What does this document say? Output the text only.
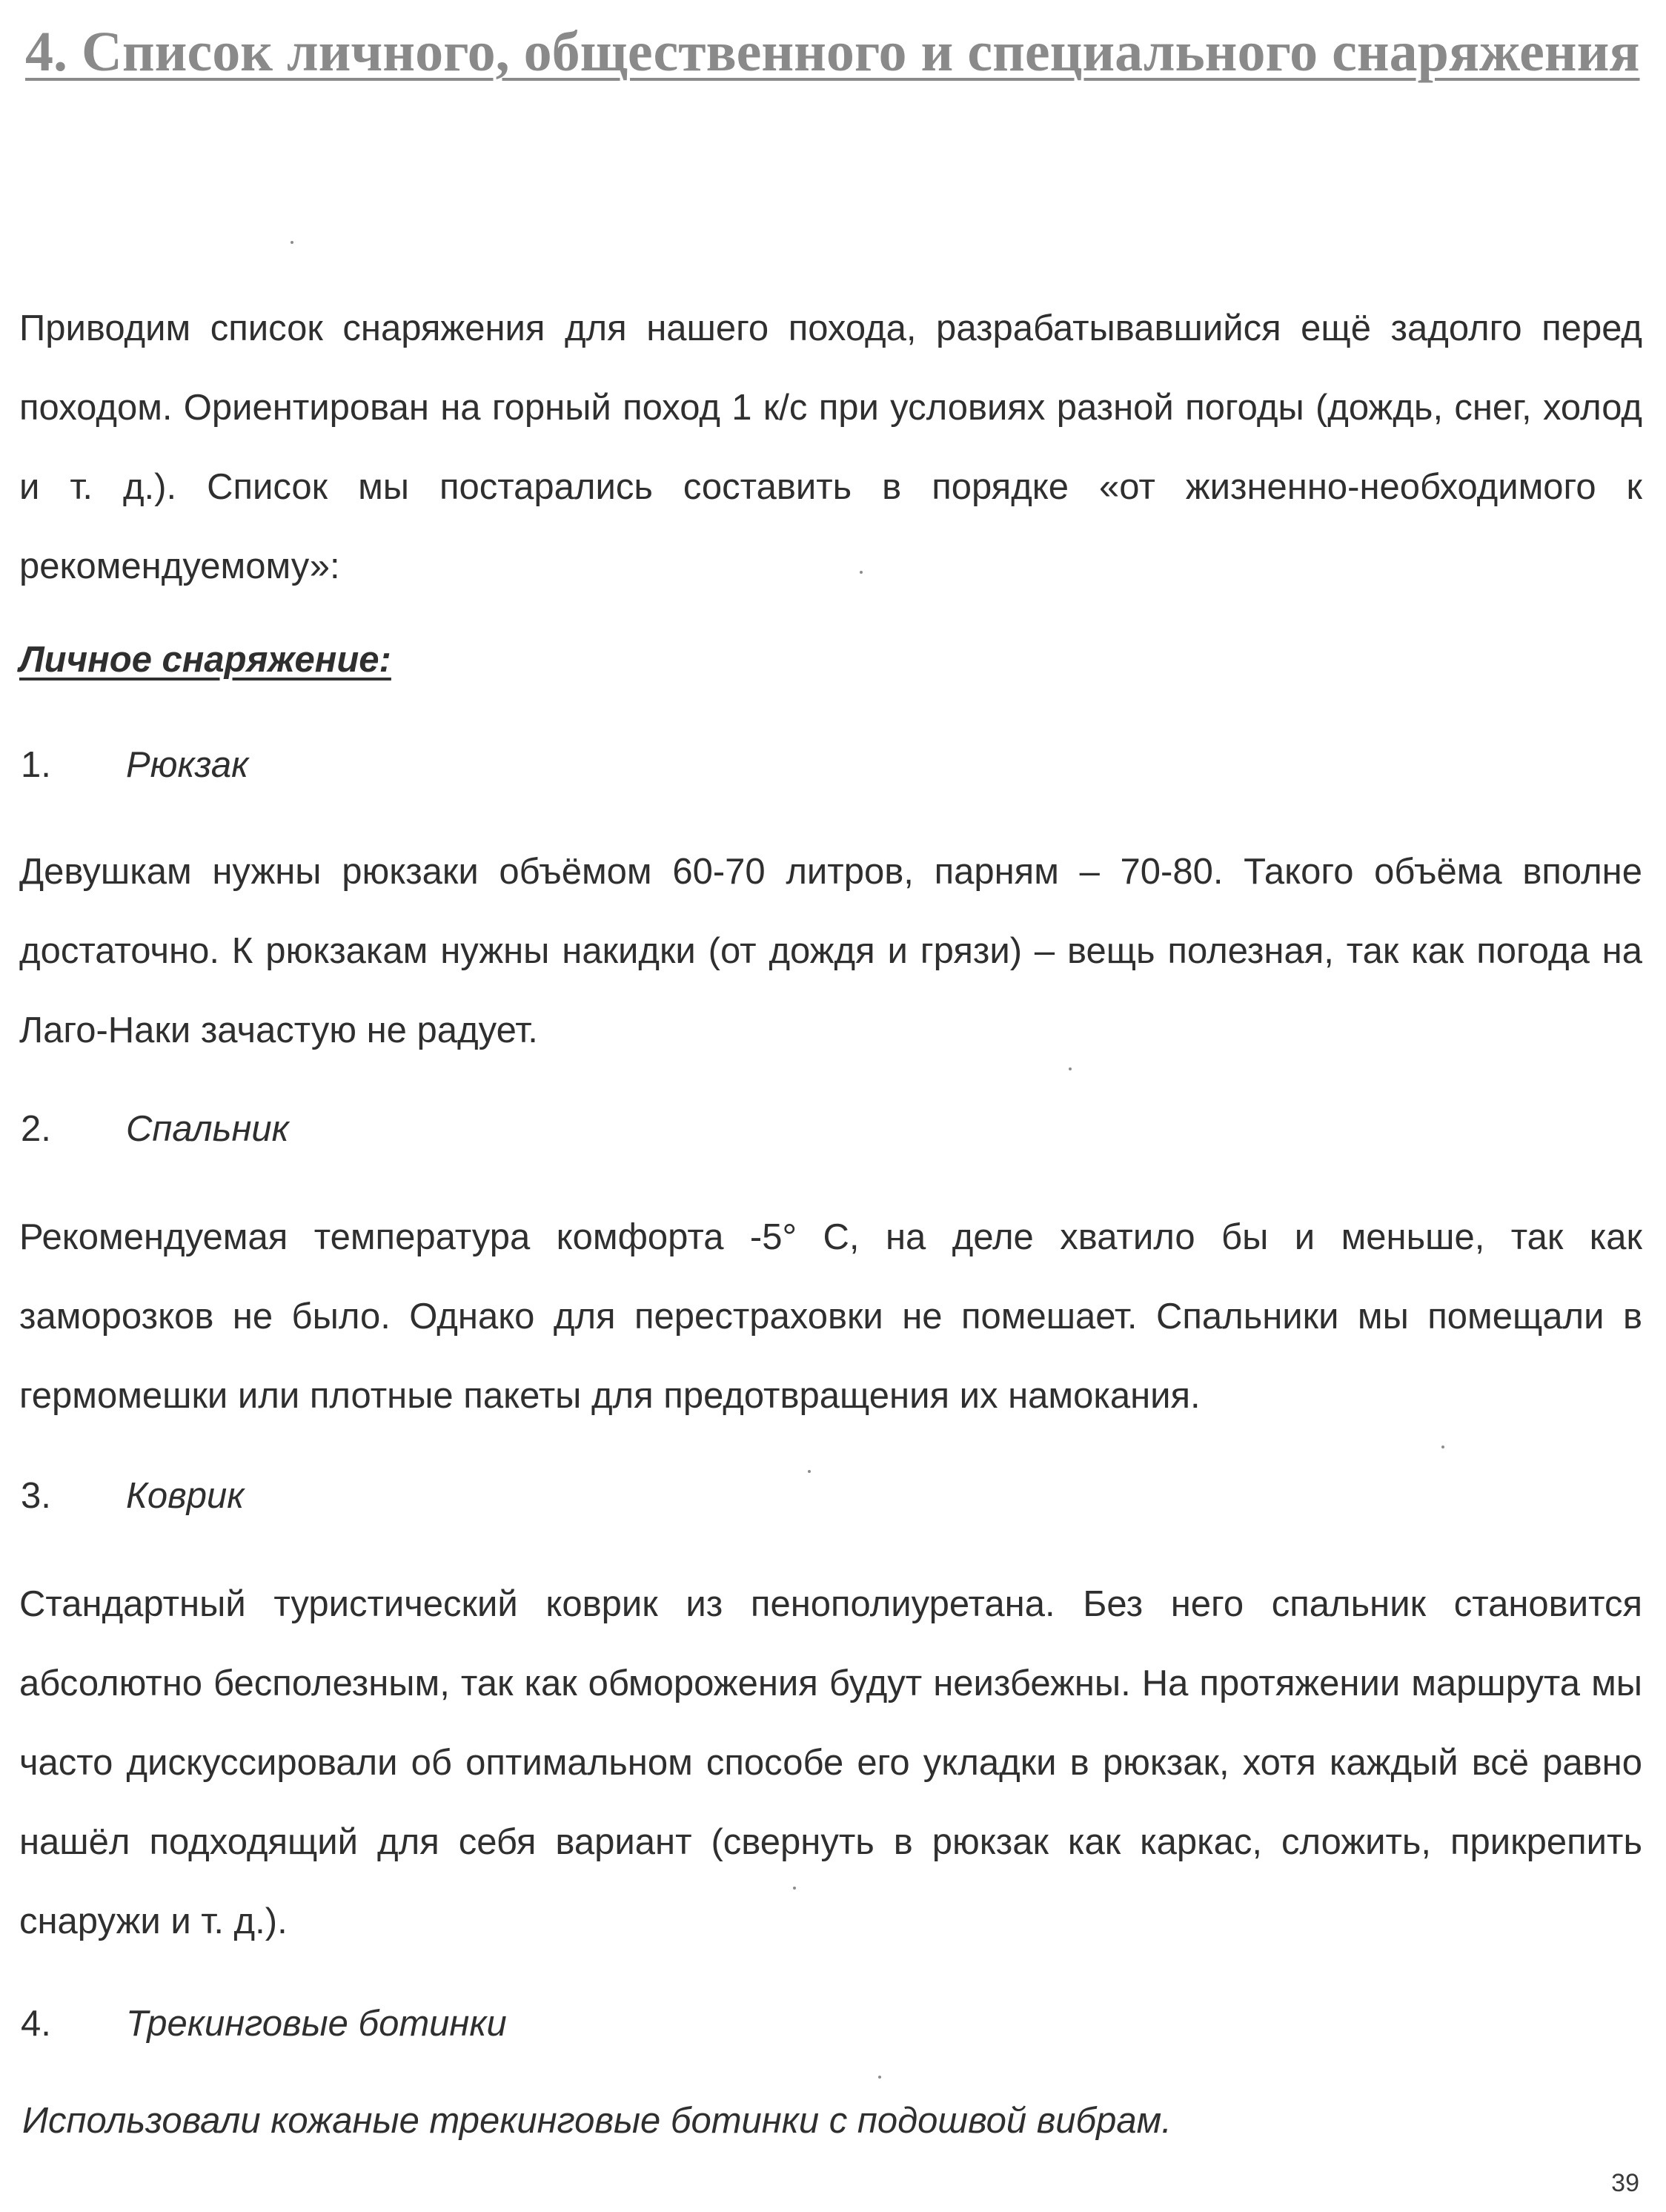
4. Список личного, общественного и специального снаряжения

Приводим список снаряжения для нашего похода, разрабатывавшийся ещё задолго перед походом. Ориентирован на горный поход 1 к/с при условиях разной погоды (дождь, снег, холод и т. д.). Список мы постарались составить в порядке «от жизненно-необходимого к рекомендуемому»:

Личное снаряжение:

1.	Рюкзак

Девушкам нужны рюкзаки объёмом 60-70 литров, парням – 70-80. Такого объёма вполне достаточно. К рюкзакам нужны накидки (от дождя и грязи) – вещь полезная, так как погода на Лаго-Наки зачастую не радует.

2.	Спальник

Рекомендуемая температура комфорта -5° С, на деле хватило бы и меньше, так как заморозков не было. Однако для перестраховки не помешает. Спальники мы помещали в гермомешки или плотные пакеты для предотвращения их намокания.

3.	Коврик

Стандартный туристический коврик из пенополиуретана. Без него спальник становится абсолютно бесполезным, так как обморожения будут неизбежны. На протяжении маршрута мы часто дискуссировали об оптимальном способе его укладки в рюкзак, хотя каждый всё равно нашёл подходящий для себя вариант (свернуть в рюкзак как каркас, сложить, прикрепить снаружи и т. д.).

4.	Трекинговые ботинки

Использовали кожаные трекинговые ботинки с подошвой вибрам.

39
